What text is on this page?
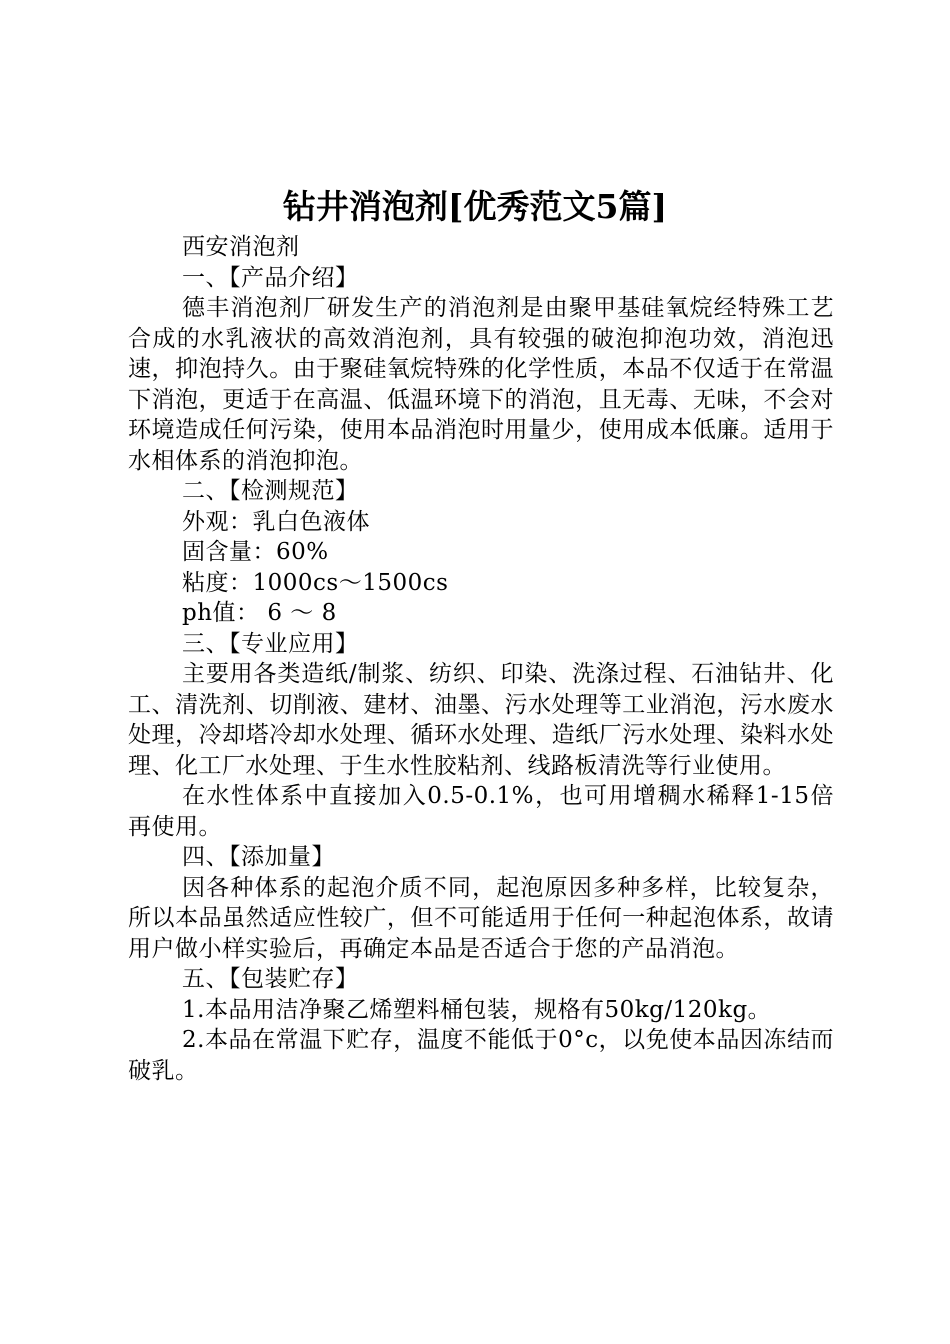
钻井消泡剂[优秀范文5篇]

西安消泡剂

一、【产品介绍】

德丰消泡剂厂研发生产的消泡剂是由聚甲基硅氧烷经特殊工艺合成的水乳液状的高效消泡剂，具有较强的破泡抑泡功效，消泡迅速，抑泡持久。由于聚硅氧烷特殊的化学性质，本品不仅适于在常温下消泡，更适于在高温、低温环境下的消泡，且无毒、无味，不会对环境造成任何污染，使用本品消泡时用量少，使用成本低廉。适用于水相体系的消泡抑泡。

二、【检测规范】

外观：乳白色液体

固含量：60%

粘度：1000cs～1500cs

ph值： 6 ～ 8

三、【专业应用】

主要用各类造纸/制浆、纺织、印染、洗涤过程、石油钻井、化工、清洗剂、切削液、建材、油墨、污水处理等工业消泡，污水废水处理，冷却塔冷却水处理、循环水处理、造纸厂污水处理、染料水处理、化工厂水处理、于生水性胶粘剂、线路板清洗等行业使用。

在水性体系中直接加入0.5-0.1%，也可用增稠水稀释1-15倍再使用。

四、【添加量】

因各种体系的起泡介质不同，起泡原因多种多样，比较复杂，所以本品虽然适应性较广，但不可能适用于任何一种起泡体系，故请用户做小样实验后，再确定本品是否适合于您的产品消泡。

五、【包装贮存】

1.本品用洁净聚乙烯塑料桶包装，规格有50kg/120kg。

2.本品在常温下贮存，温度不能低于0°c，以免使本品因冻结而破乳。
